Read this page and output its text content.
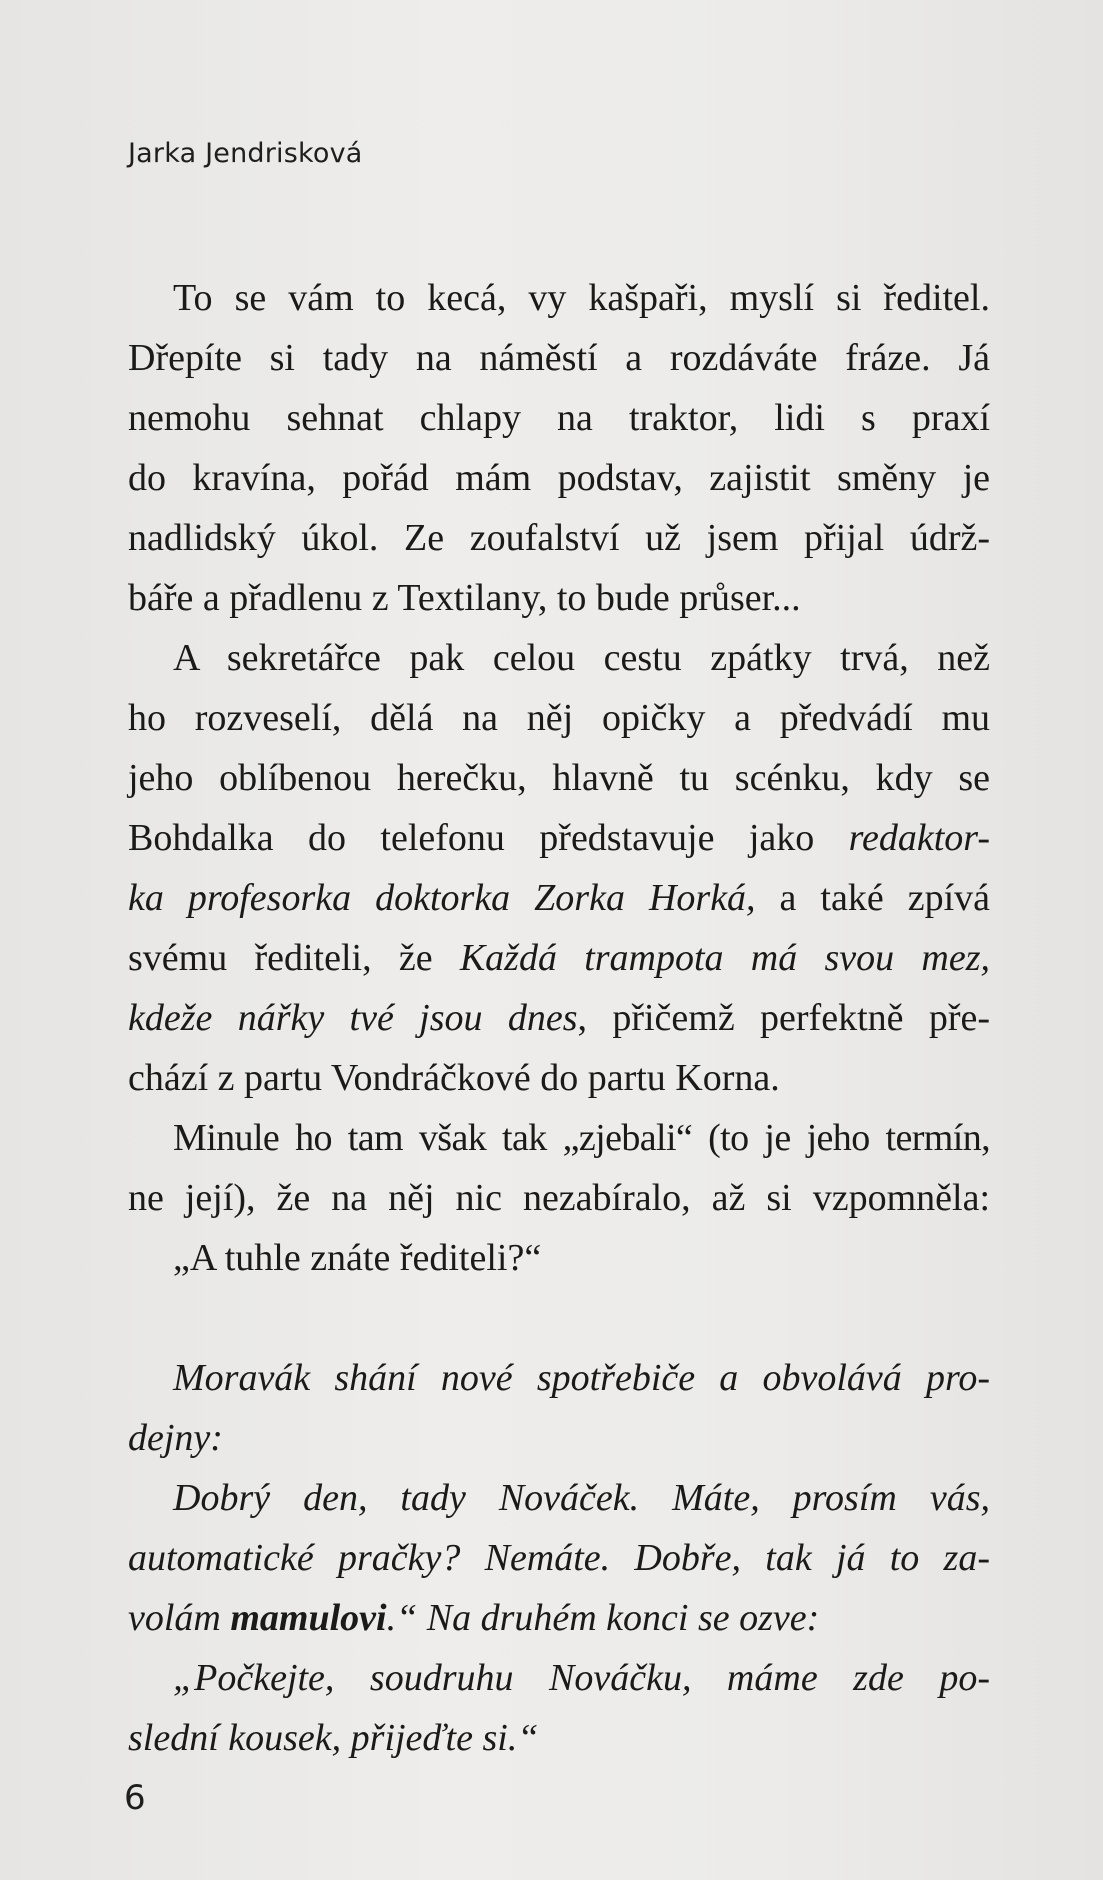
Jarka Jendrisková
To se vám to kecá, vy kašpaři, myslí si ředitel.
Dřepíte si tady na náměstí a rozdáváte fráze. Já
nemohu sehnat chlapy na traktor, lidi s praxí
do kravína, pořád mám podstav, zajistit směny je
nadlidský úkol. Ze zoufalství už jsem přijal údrž-
báře a přadlenu z Textilany, to bude průser...
A sekretářce pak celou cestu zpátky trvá, než
ho rozveselí, dělá na něj opičky a předvádí mu
jeho oblíbenou herečku, hlavně tu scénku, kdy se
Bohdalka do telefonu představuje jako redaktor-
ka profesorka doktorka Zorka Horká, a také zpívá
svému řediteli, že Každá trampota má svou mez,
kdeže nářky tvé jsou dnes, přičemž perfektně pře-
chází z partu Vondráčkové do partu Korna.
Minule ho tam však tak „zjebali“ (to je jeho termín,
ne její), že na něj nic nezabíralo, až si vzpomněla:
„A tuhle znáte řediteli?“
Moravák shání nové spotřebiče a obvolává pro-
dejny:
Dobrý den, tady Nováček. Máte, prosím vás,
automatické pračky? Nemáte. Dobře, tak já to za-
volám mamulovi.“ Na druhém konci se ozve:
„Počkejte, soudruhu Nováčku, máme zde po-
slední kousek, přijeďte si.“
6
